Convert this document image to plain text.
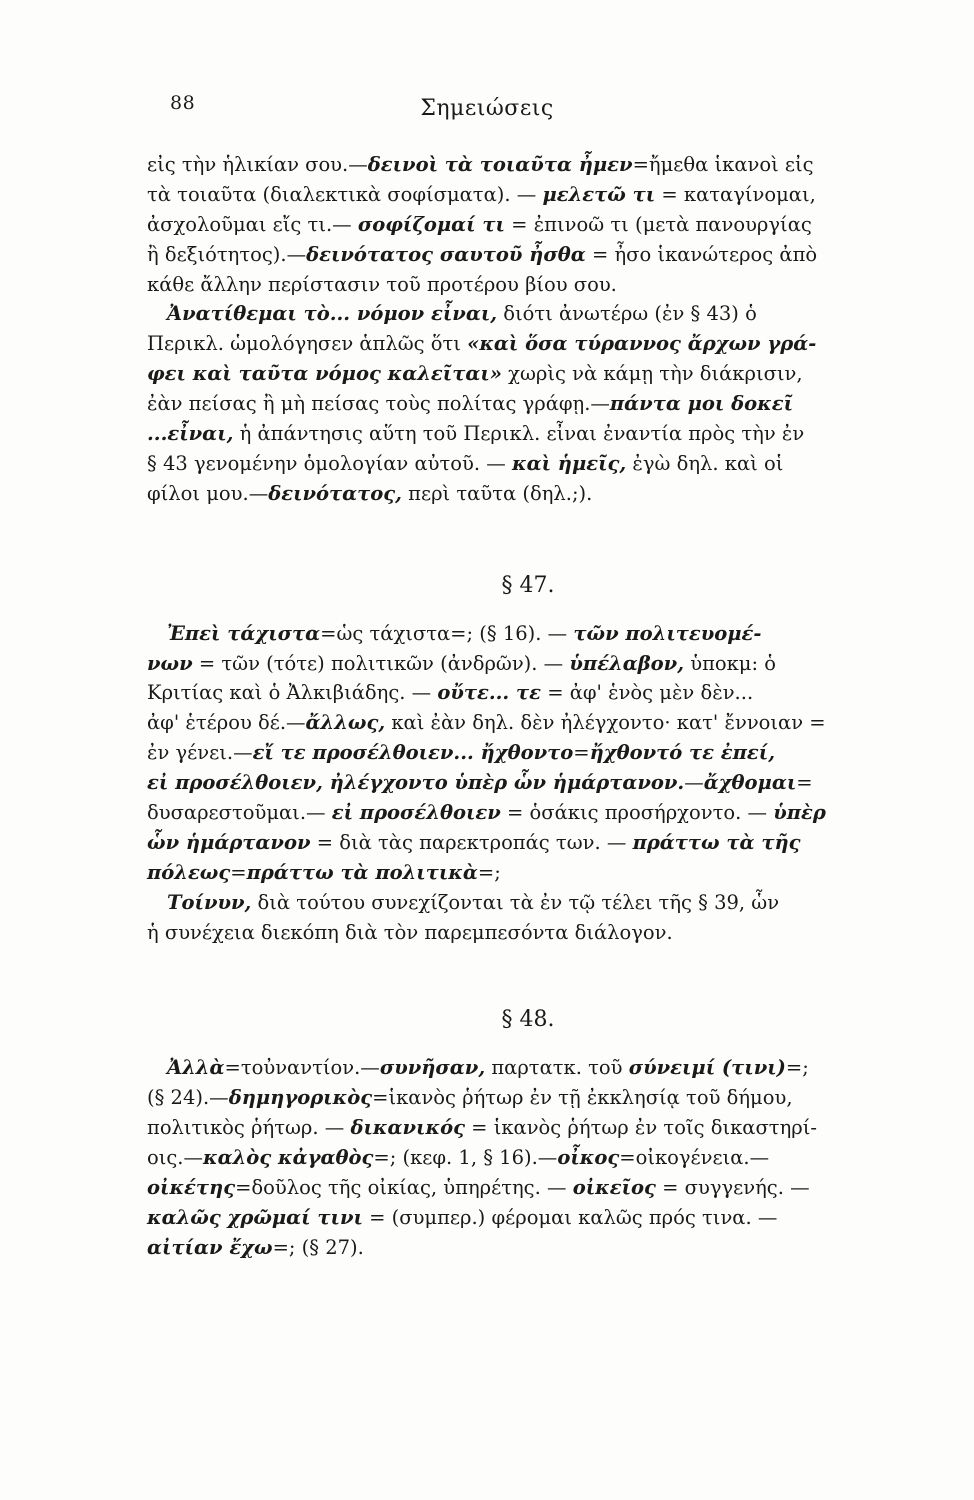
88	Σημειώσεις
εἰς τὴν ἡλικίαν σου.—δεινοὶ τὰ τοιαῦτα ἦμεν=ἤμεθα ἱκανοὶ εἰς
τὰ τοιαῦτα (διαλεκτικὰ σοφίσματα). — μελετῶ τι = καταγίνομαι,
ἀσχολοῦμαι εἴς τι.— σοφίζομαί τι = ἐπινοῶ τι (μετὰ πανουργίας
ἢ δεξιότητος).—δεινότατος σαυτοῦ ἦσθα = ἦσο ἱκανώτερος ἀπὸ
κάθε ἄλλην περίστασιν τοῦ προτέρου βίου σου.
Ἀνατίθεμαι τὸ... νόμον εἶναι, διότι ἀνωτέρω (ἐν § 43) ὁ
Περικλ. ὡμολόγησεν ἁπλῶς ὅτι «καὶ ὅσα τύραννος ἄρχων γρά-
φει καὶ ταῦτα νόμος καλεῖται» χωρὶς νὰ κάμῃ τὴν διάκρισιν,
ἐὰν πείσας ἢ μὴ πείσας τοὺς πολίτας γράφῃ.—πάντα μοι δοκεῖ
...εἶναι, ἡ ἀπάντησις αὕτη τοῦ Περικλ. εἶναι ἐναντία πρὸς τὴν ἐν
§ 43 γενομένην ὁμολογίαν αὐτοῦ. — καὶ ἡμεῖς, ἐγὼ δηλ. καὶ οἱ
φίλοι μου.—δεινότατος, περὶ ταῦτα (δηλ.;).
§ 47.
Ἐπεὶ τάχιστα=ὡς τάχιστα=; (§ 16). — τῶν πολιτευομέ-
νων = τῶν (τότε) πολιτικῶν (ἀνδρῶν). — ὑπέλαβον, ὑποκμ: ὁ
Κριτίας καὶ ὁ Ἀλκιβιάδης. — οὔτε... τε = ἀφ' ἑνὸς μὲν δὲν...
ἀφ' ἑτέρου δέ.—ἄλλως, καὶ ἐὰν δηλ. δὲν ἠλέγχοντο· κατ' ἔννοιαν =
ἐν γένει.—εἴ τε προσέλθοιεν... ἤχθοντο=ἤχθοντό τε ἐπεί,
εἰ προσέλθοιεν, ἠλέγχοντο ὑπὲρ ὧν ἡμάρτανον.—ἄχθομαι=
δυσαρεστοῦμαι.— εἰ προσέλθοιεν = ὁσάκις προσήρχοντο. — ὑπὲρ
ὧν ἡμάρτανον = διὰ τὰς παρεκτροπάς των. — πράττω τὰ τῆς
πόλεως=πράττω τὰ πολιτικὰ=;
Τοίνυν, διὰ τούτου συνεχίζονται τὰ ἐν τῷ τέλει τῆς § 39, ὧν
ἡ συνέχεια διεκόπη διὰ τὸν παρεμπεσόντα διάλογον.
§ 48.
Ἀλλὰ=τοὐναντίον.—συνῆσαν, παρτατκ. τοῦ σύνειμί (τινι)=;
(§ 24).—δημηγορικὸς=ἱκανὸς ῥήτωρ ἐν τῇ ἐκκλησίᾳ τοῦ δήμου,
πολιτικὸς ῥήτωρ. — δικανικός = ἱκανὸς ῥήτωρ ἐν τοῖς δικαστηρί-
οις.—καλὸς κἀγαθὸς=; (κεφ. 1, § 16).—οἶκος=οἰκογένεια.—
οἰκέτης=δοῦλος τῆς οἰκίας, ὑπηρέτης. — οἰκεῖος = συγγενής. —
καλῶς χρῶμαί τινι = (συμπερ.) φέρομαι καλῶς πρός τινα. —
αἰτίαν ἔχω=; (§ 27).
